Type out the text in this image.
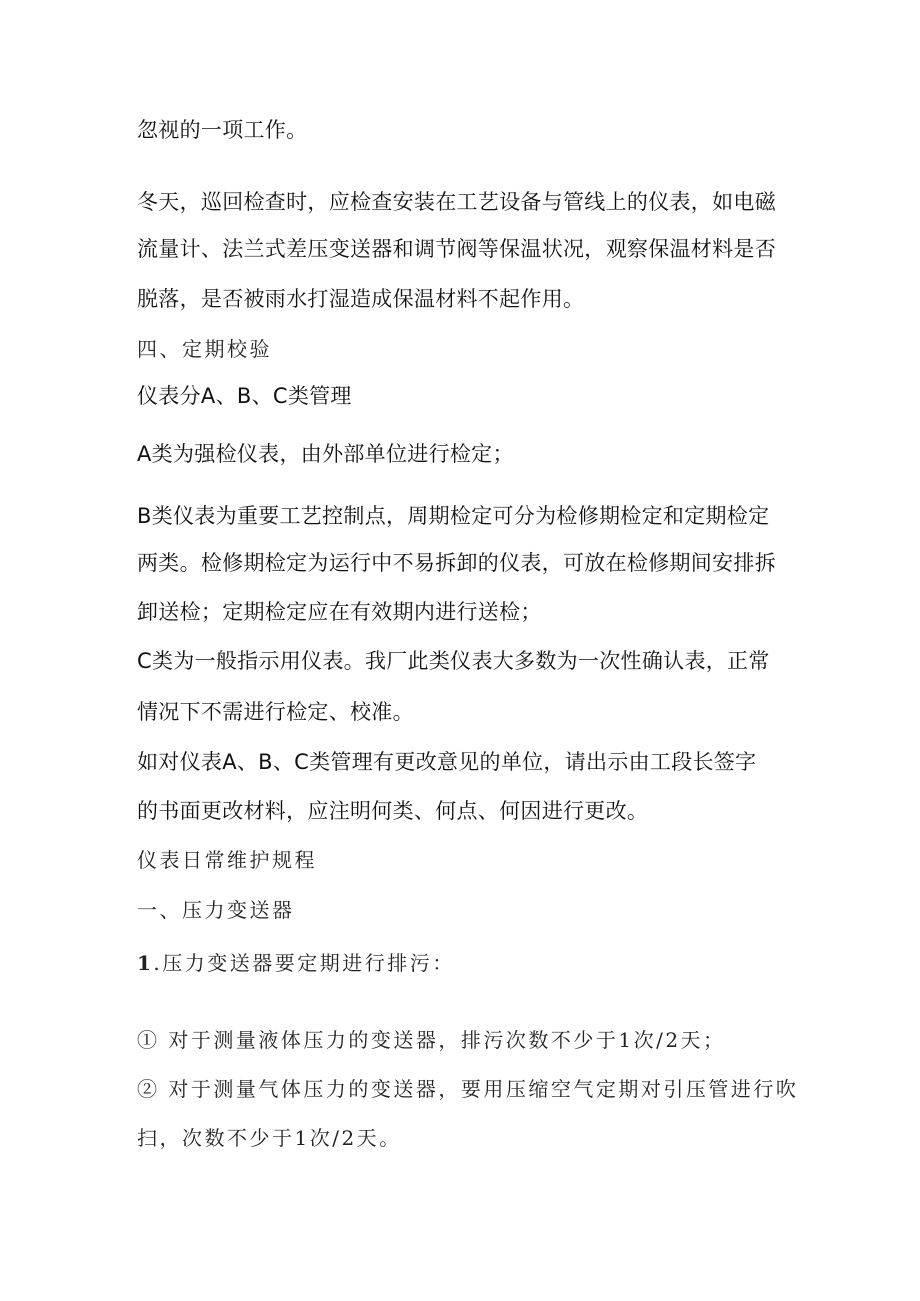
忽视的一项工作。
冬天，巡回检查时，应检查安装在工艺设备与管线上的仪表，如电磁
流量计、法兰式差压变送器和调节阀等保温状况，观察保温材料是否
脱落，是否被雨水打湿造成保温材料不起作用。
四、定期校验
仪表分A、B、C类管理
A类为强检仪表，由外部单位进行检定；
B类仪表为重要工艺控制点，周期检定可分为检修期检定和定期检定
两类。检修期检定为运行中不易拆卸的仪表，可放在检修期间安排拆
卸送检；定期检定应在有效期内进行送检；
C类为一般指示用仪表。我厂此类仪表大多数为一次性确认表，正常
情况下不需进行检定、校准。
如对仪表A、B、C类管理有更改意见的单位，请出示由工段长签字
的书面更改材料，应注明何类、何点、何因进行更改。
仪表日常维护规程
一、压力变送器
1.压力变送器要定期进行排污：
① 对于测量液体压力的变送器，排污次数不少于1次/2天；
② 对于测量气体压力的变送器，要用压缩空气定期对引压管进行吹
扫，次数不少于1次/2天。
